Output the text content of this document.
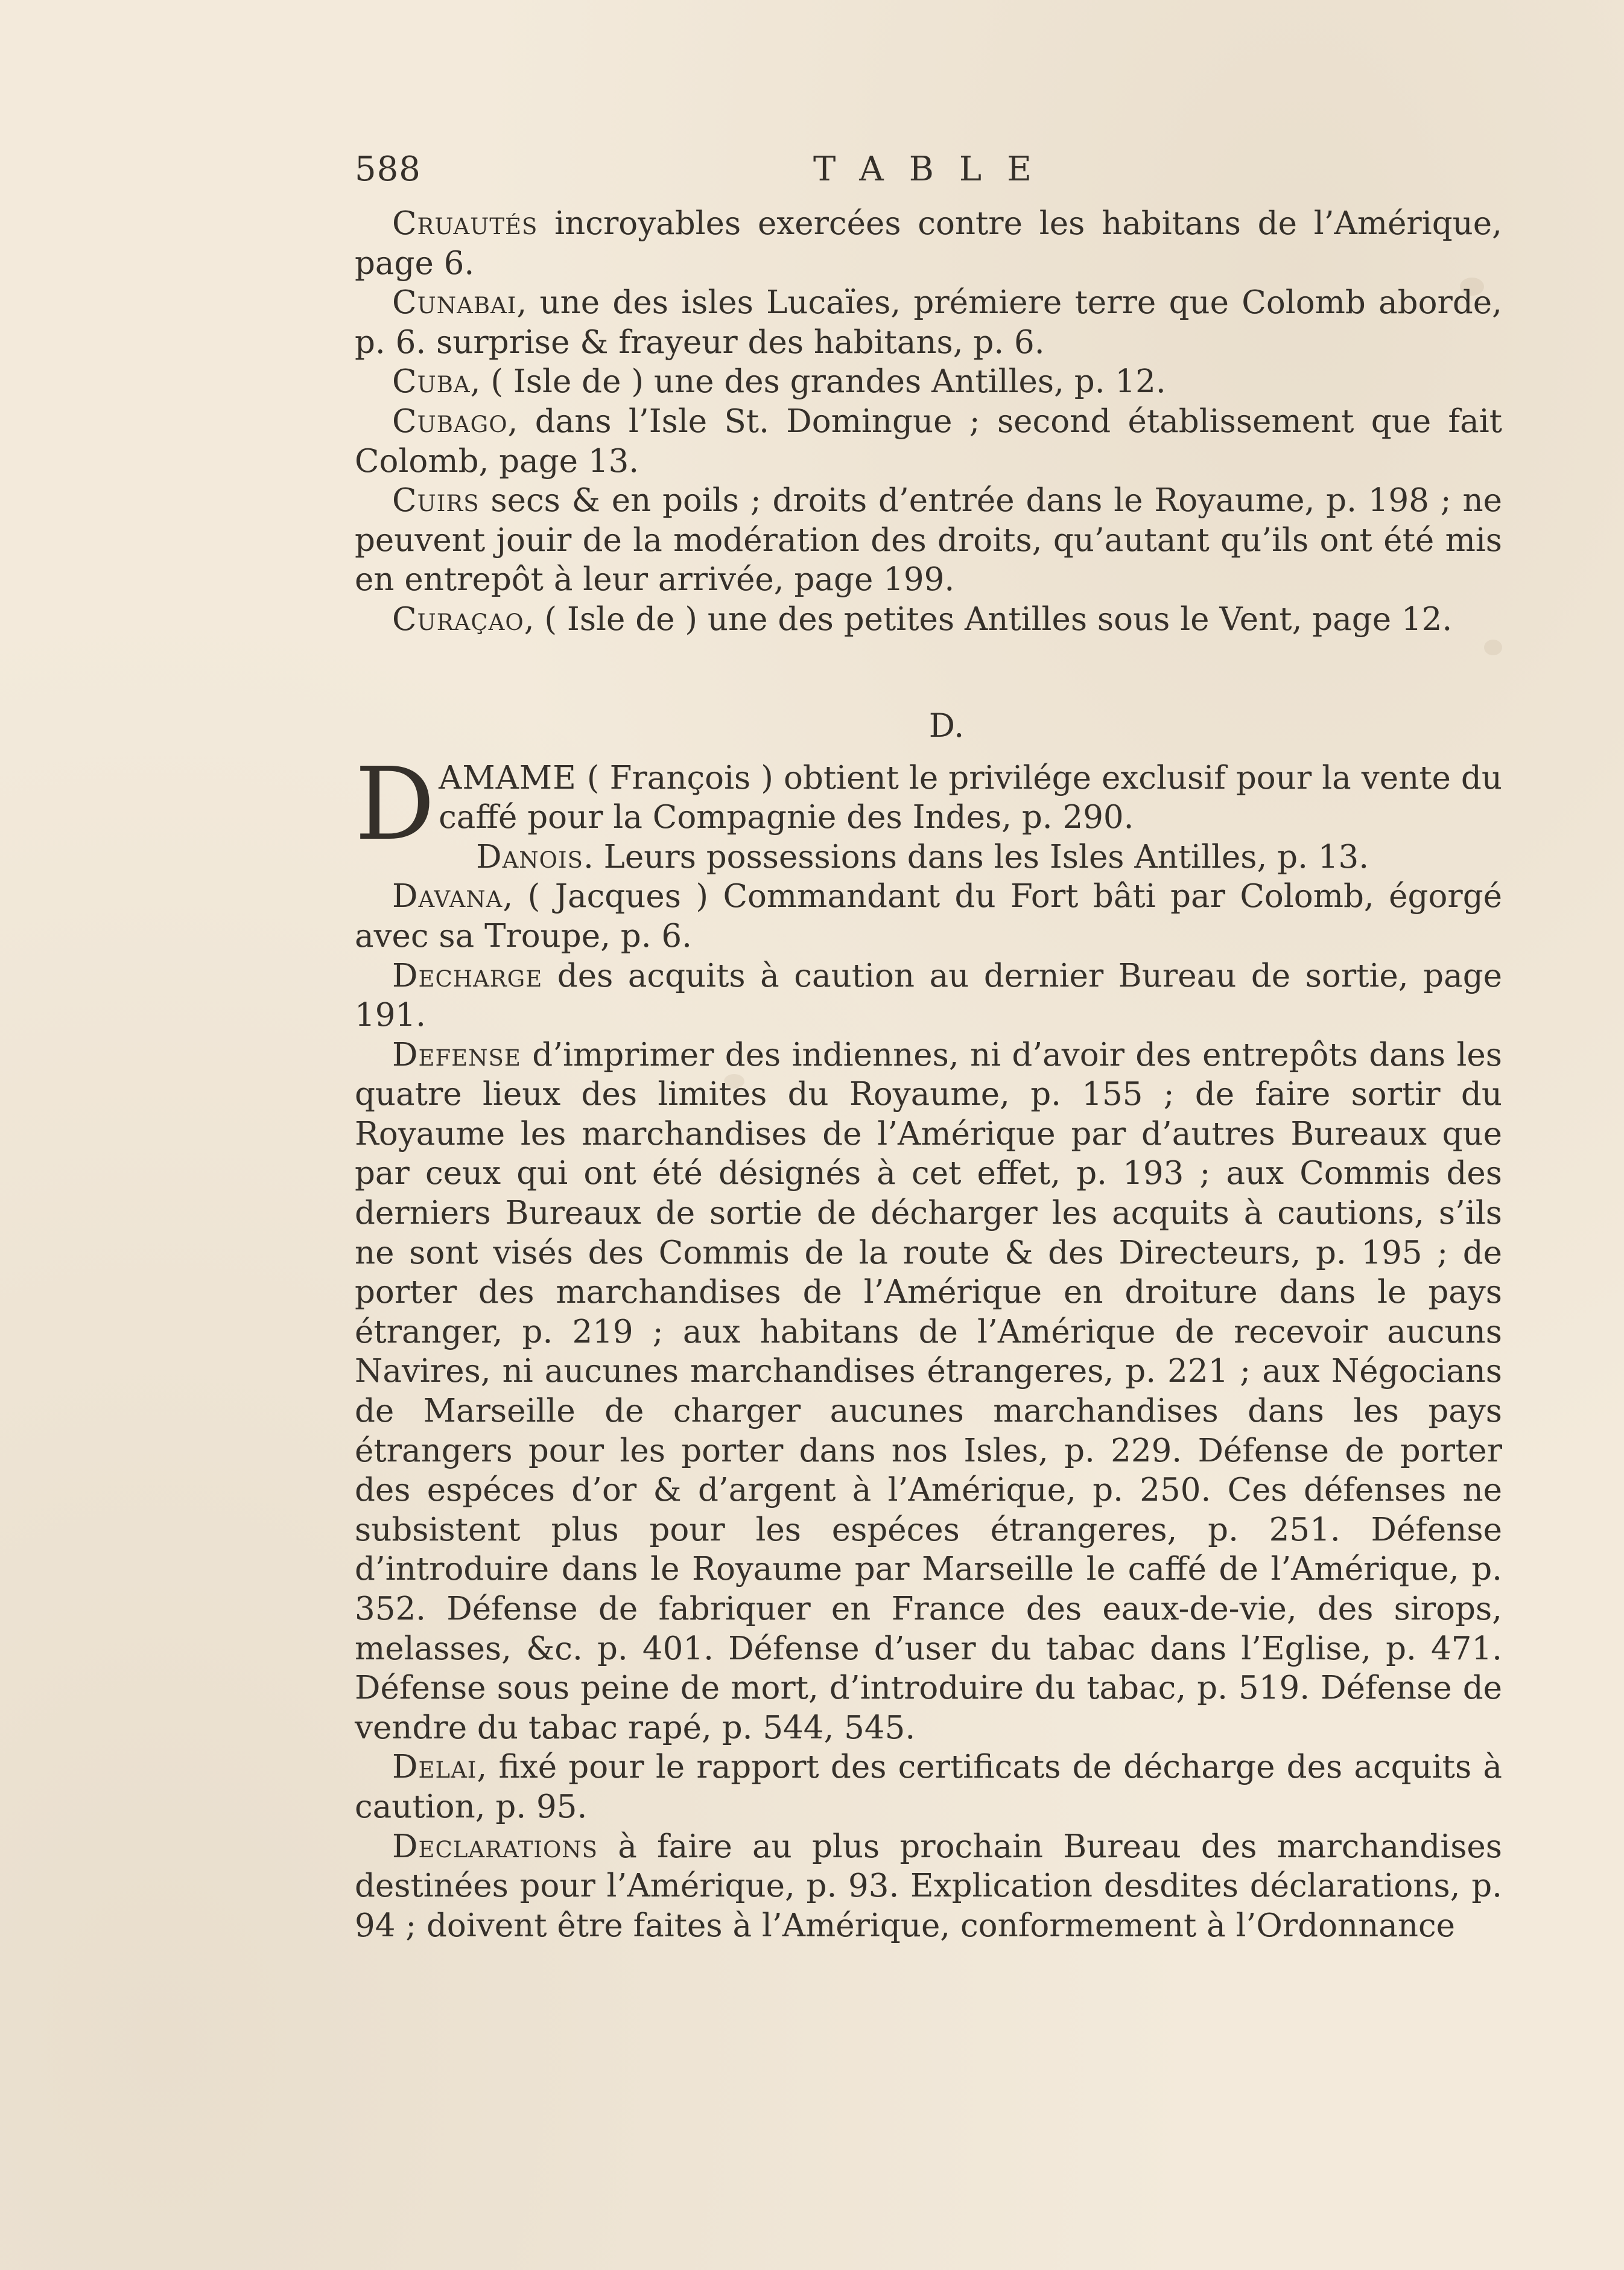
588	TABLE

Cruautés incroyables exercées contre les habitans de l’Amérique, page 6.

Cunabai, une des isles Lucaïes, prémiere terre que Colomb aborde, p. 6. surprise & frayeur des habitans, p. 6.

Cuba, ( Isle de ) une des grandes Antilles, p. 12.

Cubago, dans l’Isle St. Domingue ; second établissement que fait Colomb, page 13.

Cuirs secs & en poils ; droits d’entrée dans le Royaume, p. 198 ; ne peuvent jouir de la modération des droits, qu’autant qu’ils ont été mis en entrepôt à leur arrivée, page 199.

Curaçao, ( Isle de ) une des petites Antilles sous le Vent, page 12.

D.

DAMAME ( François ) obtient le privilége exclusif pour la vente du caffé pour la Compagnie des Indes, p. 290.

Danois. Leurs possessions dans les Isles Antilles, p. 13.

Davana, ( Jacques ) Commandant du Fort bâti par Colomb, égorgé avec sa Troupe, p. 6.

Decharge des acquits à caution au dernier Bureau de sortie, page 191.

Defense d’imprimer des indiennes, ni d’avoir des entrepôts dans les quatre lieux des limites du Royaume, p. 155 ; de faire sortir du Royaume les marchandises de l’Amérique par d’autres Bureaux que par ceux qui ont été désignés à cet effet, p. 193 ; aux Commis des derniers Bureaux de sortie de décharger les acquits à cautions, s’ils ne sont visés des Commis de la route & des Directeurs, p. 195 ; de porter des marchandises de l’Amérique en droiture dans le pays étranger, p. 219 ; aux habitans de l’Amérique de recevoir aucuns Navires, ni aucunes marchandises étrangeres, p. 221 ; aux Négocians de Marseille de charger aucunes marchandises dans les pays étrangers pour les porter dans nos Isles, p. 229. Défense de porter des espéces d’or & d’argent à l’Amérique, p. 250. Ces défenses ne subsistent plus pour les espéces étrangeres, p. 251. Défense d’introduire dans le Royaume par Marseille le caffé de l’Amérique, p. 352. Défense de fabriquer en France des eaux-de-vie, des sirops, melasses, &c. p. 401. Défense d’user du tabac dans l’Eglise, p. 471. Défense sous peine de mort, d’introduire du tabac, p. 519. Défense de vendre du tabac rapé, p. 544, 545.

Delai, fixé pour le rapport des certificats de décharge des acquits à caution, p. 95.

Declarations à faire au plus prochain Bureau des marchandises destinées pour l’Amérique, p. 93. Explication desdites déclarations, p. 94 ; doivent être faites à l’Amérique, conformement à l’Ordonnance
